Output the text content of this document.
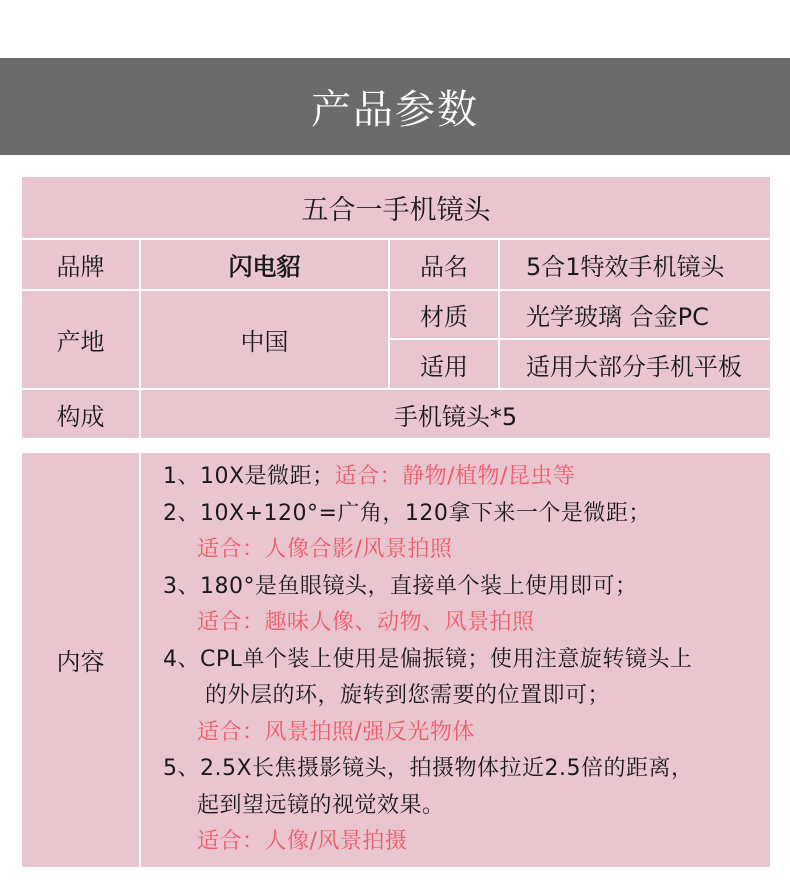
产品参数
五合一手机镜头			
品牌	闪电貂	品名	5合1特效手机镜头
产地	中国	材质	光学玻璃 合金PC
		适用	适用大部分手机平板
构成	手机镜头*5		
内容	
1、10X是微距；适合：静物/植物/昆虫等
2、10X+120°=广角，120拿下来一个是微距；
适合：人像合影/风景拍照
3、180°是鱼眼镜头，直接单个装上使用即可；
适合：趣味人像、动物、风景拍照
4、CPL单个装上使用是偏振镜；使用注意旋转镜头上
的外层的环，旋转到您需要的位置即可；
适合：风景拍照/强反光物体
5、2.5X长焦摄影镜头，拍摄物体拉近2.5倍的距离，
起到望远镜的视觉效果。
适合：人像/风景拍摄
